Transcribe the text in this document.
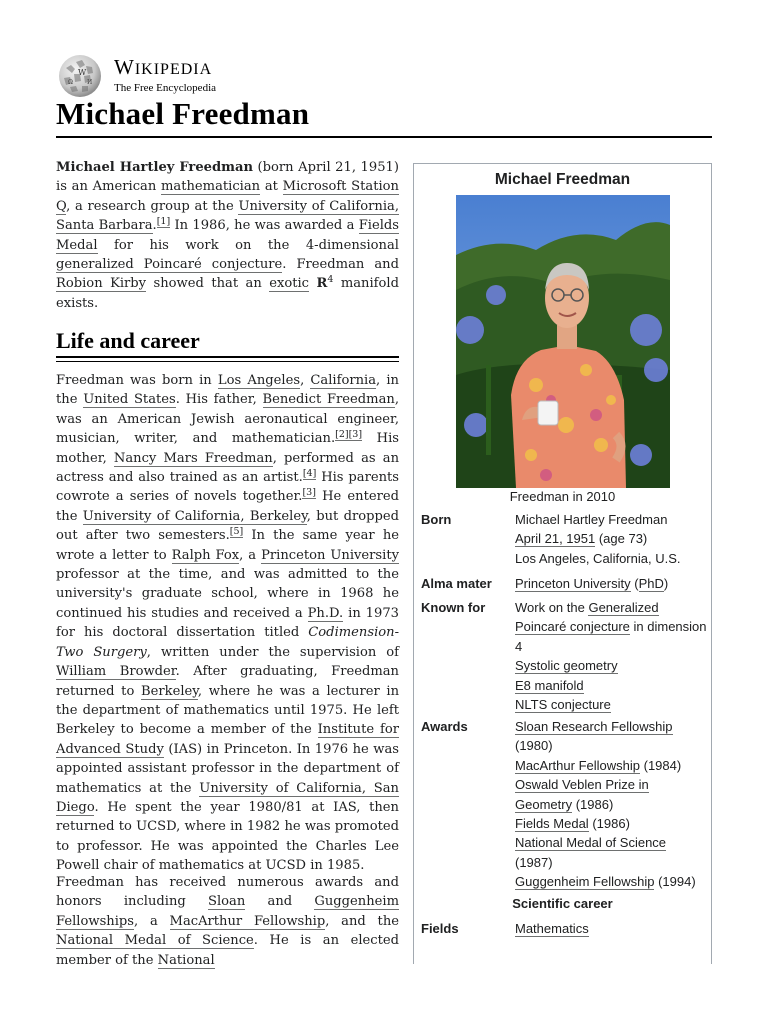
W
Ω И
WIKIPEDIA
The Free Encyclopedia
Michael Freedman

Michael Hartley Freedman (born April 21, 1951) is an American mathematician at Microsoft Station Q, a research group at the University of California, Santa Barbara.[1] In 1986, he was awarded a Fields Medal for his work on the 4-dimensional generalized Poincaré conjecture. Freedman and Robion Kirby showed that an exotic $R^4$ manifold exists.

Life and career

Freedman was born in Los Angeles, California, in the United States. His father, Benedict Freedman, was an American Jewish aeronautical engineer, musician, writer, and mathematician.[2][3] His mother, Nancy Mars Freedman, performed as an actress and also trained as an artist.[4] His parents cowrote a series of novels together.[3] He entered the University of California, Berkeley, but dropped out after two semesters.[5] In the same year he wrote a letter to Ralph Fox, a Princeton University professor at the time, and was admitted to the university's graduate school, where in 1968 he continued his studies and received a Ph.D. in 1973 for his doctoral dissertation titled Codimension-Two Surgery, written under the supervision of William Browder. After graduating, Freedman returned to Berkeley, where he was a lecturer in the department of mathematics until 1975. He left Berkeley to become a member of the Institute for Advanced Study (IAS) in Princeton. In 1976 he was appointed assistant professor in the department of mathematics at the University of California, San Diego. He spent the year 1980/81 at IAS, then returned to UCSD, where in 1982 he was promoted to professor. He was appointed the Charles Lee Powell chair of mathematics at UCSD in 1985.

Freedman has received numerous awards and honors including Sloan and Guggenheim Fellowships, a MacArthur Fellowship, and the National Medal of Science. He is an elected member of the National

Michael Freedman
Freedman in 2010
Born	Michael Hartley Freedman
April 21, 1951 (age 73)
Los Angeles, California, U.S.
Alma mater Princeton University (PhD)
Known for Work on the Generalized Poincaré conjecture in dimension 4
Systolic geometry
E8 manifold
NLTS conjecture
Awards	Sloan Research Fellowship
(1980)
MacArthur Fellowship (1984)
Oswald Veblen Prize in Geometry (1986)
Fields Medal (1986)
National Medal of Science
(1987)
Guggenheim Fellowship (1994)
Scientific career
Fields	Mathematics
